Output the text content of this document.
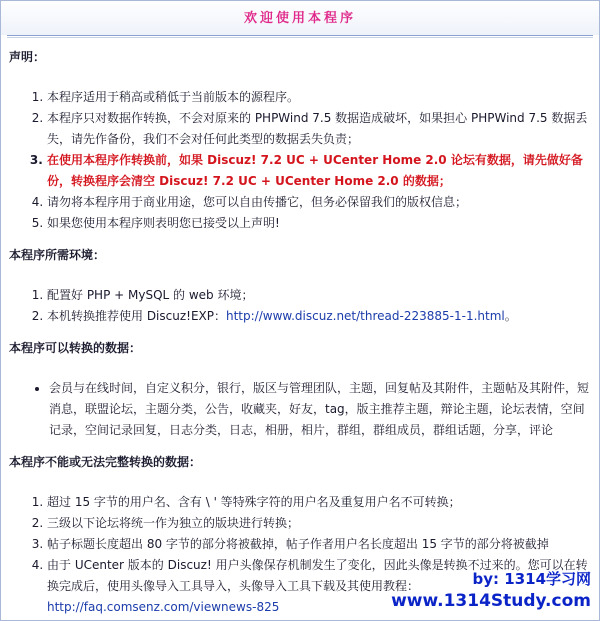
欢迎使用本程序
声明：
1. 本程序适用于稍高或稍低于当前版本的源程序。
2. 本程序只对数据作转换，不会对原来的 PHPWind 7.5 数据造成破坏，如果担心 PHPWind 7.5 数据丢失，请先作备份，我们不会对任何此类型的数据丢失负责；
3. 在使用本程序作转换前，如果 Discuz! 7.2 UC + UCenter Home 2.0 论坛有数据，请先做好备份，转换程序会清空 Discuz! 7.2 UC + UCenter Home 2.0 的数据；
4. 请勿将本程序用于商业用途，您可以自由传播它，但务必保留我们的版权信息；
5. 如果您使用本程序则表明您已接受以上声明!
本程序所需环境：
1. 配置好 PHP + MySQL 的 web 环境；
2. 本机转换推荐使用 Discuz!EXP：http://www.discuz.net/thread-223885-1-1.html。
本程序可以转换的数据：
• 会员与在线时间，自定义积分，银行，版区与管理团队，主题，回复帖及其附件，主题帖及其附件，短消息，联盟论坛，主题分类，公告，收藏夹，好友，tag，版主推荐主题，辩论主题，论坛表情，空间记录，空间记录回复，日志分类，日志，相册，相片，群组，群组成员，群组话题，分享，评论
本程序不能或无法完整转换的数据：
1. 超过 15 字节的用户名、含有 \ ' 等特殊字符的用户名及重复用户名不可转换；
2. 三级以下论坛将统一作为独立的版块进行转换；
3. 帖子标题长度超出 80 字节的部分将被截掉，帖子作者用户名长度超出 15 字节的部分将被截掉
4. 由于 UCenter 版本的 Discuz! 用户头像保存机制发生了变化，因此头像是转换不过来的。您可以在转换完成后，使用头像导入工具导入，头像导入工具下载及其使用教程：
http://faq.comsenz.com/viewnews-825
by: 1314学习网
www.1314Study.com
